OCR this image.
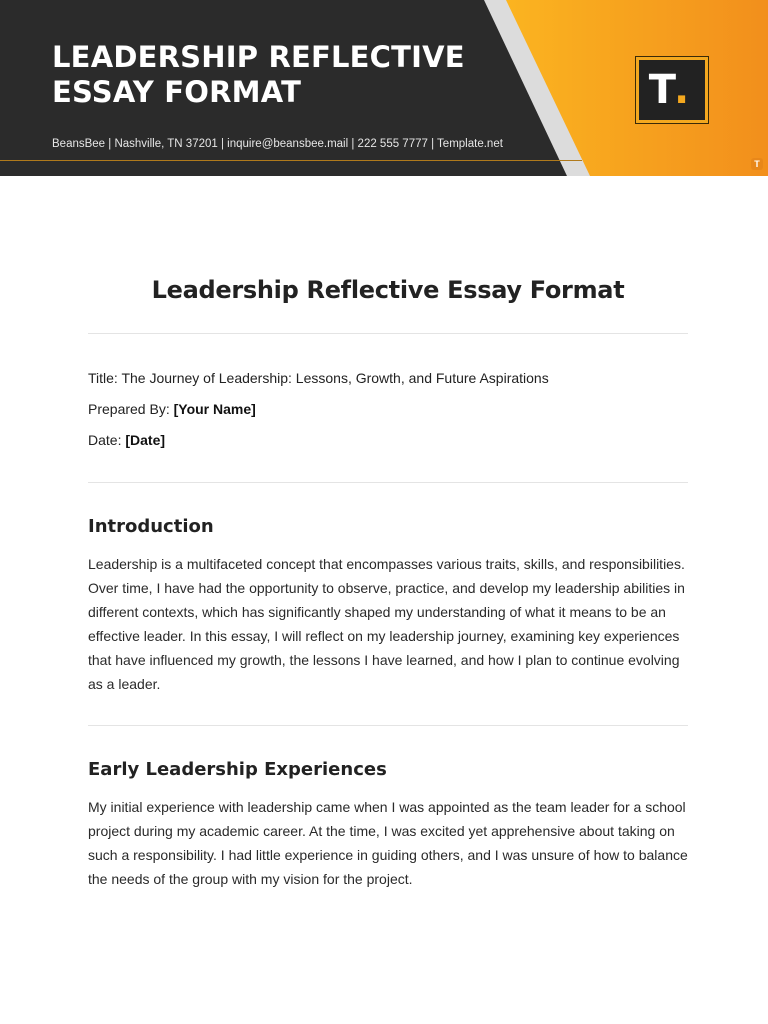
LEADERSHIP REFLECTIVE ESSAY FORMAT
BeansBee | Nashville, TN 37201 | inquire@beansbee.mail | 222 555 7777 | Template.net
T
.
T
Leadership Reflective Essay Format
Title: The Journey of Leadership: Lessons, Growth, and Future Aspirations
Prepared By: [Your Name]
Date: [Date]
Introduction

Leadership is a multifaceted concept that encompasses various traits, skills, and responsibilities. Over time, I have had the opportunity to observe, practice, and develop my leadership abilities in different contexts, which has significantly shaped my understanding of what it means to be an effective leader. In this essay, I will reflect on my leadership journey, examining key experiences that have influenced my growth, the lessons I have learned, and how I plan to continue evolving as a leader.

Early Leadership Experiences

My initial experience with leadership came when I was appointed as the team leader for a school project during my academic career. At the time, I was excited yet apprehensive about taking on such a responsibility. I had little experience in guiding others, and I was unsure of how to balance the needs of the group with my vision for the project.
